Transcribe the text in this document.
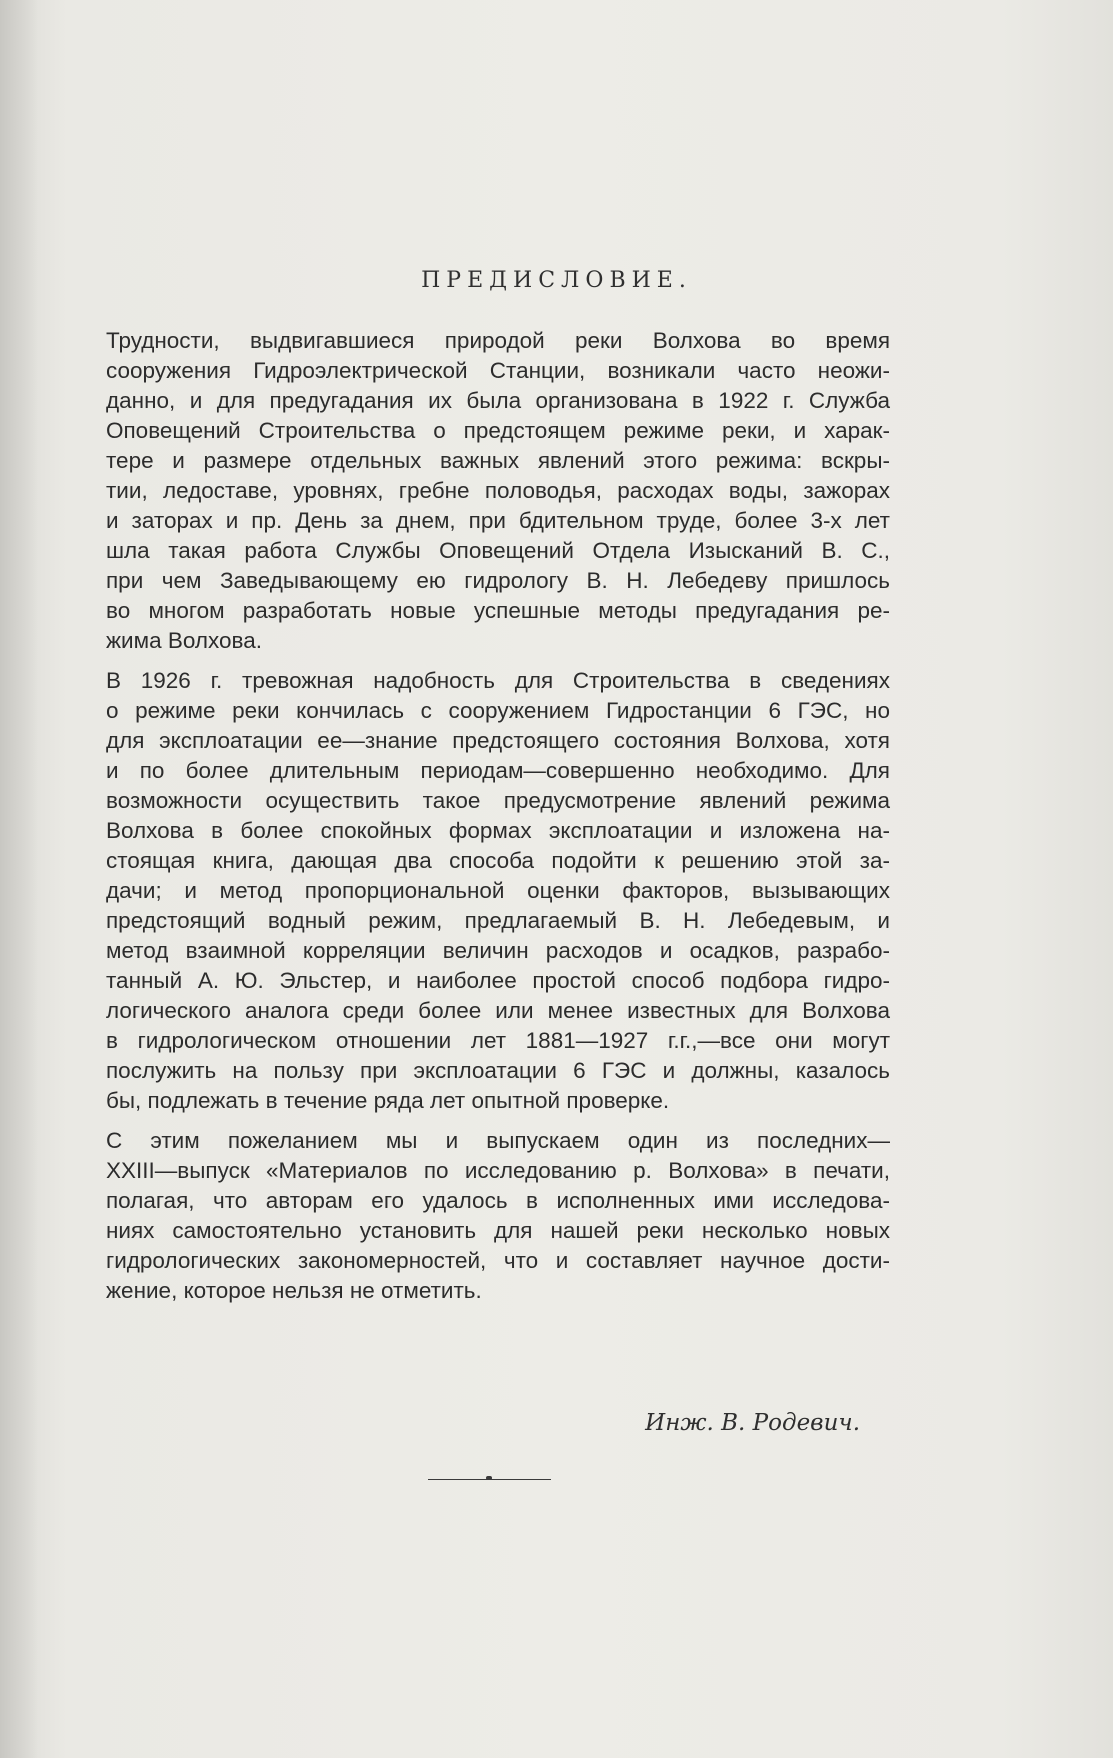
ПРЕДИСЛОВИЕ.

Трудности, выдвигавшиеся природой реки Волхова во время
сооружения Гидроэлектрической Станции, возникали часто неожи-
данно, и для предугадания их была организована в 1922 г. Служба
Оповещений Строительства о предстоящем режиме реки, и харак-
тере и размере отдельных важных явлений этого режима: вскры-
тии, ледоставе, уровнях, гребне половодья, расходах воды, зажорах
и заторах и пр. День за днем, при бдительном труде, более 3-х лет
шла такая работа Службы Оповещений Отдела Изысканий В. С.,
при чем Заведывающему ею гидрологу В. Н. Лебедеву пришлось
во многом разработать новые успешные методы предугадания ре-
жима Волхова.

В 1926 г. тревожная надобность для Строительства в сведениях
о режиме реки кончилась с сооружением Гидростанции 6 ГЭС, но
для эксплоатации ее—знание предстоящего состояния Волхова, хотя
и по более длительным периодам—совершенно необходимо. Для
возможности осуществить такое предусмотрение явлений режима
Волхова в более спокойных формах эксплоатации и изложена на-
стоящая книга, дающая два способа подойти к решению этой за-
дачи; и метод пропорциональной оценки факторов, вызывающих
предстоящий водный режим, предлагаемый В. Н. Лебедевым, и
метод взаимной корреляции величин расходов и осадков, разрабо-
танный А. Ю. Эльстер, и наиболее простой способ подбора гидро-
логического аналога среди более или менее известных для Волхова
в гидрологическом отношении лет 1881—1927 г.г.,—все они могут
послужить на пользу при эксплоатации 6 ГЭС и должны, казалось
бы, подлежать в течение ряда лет опытной проверке.

С этим пожеланием мы и выпускаем один из последних—
XXIII—выпуск «Материалов по исследованию р. Волхова» в печати,
полагая, что авторам его удалось в исполненных ими исследова-
ниях самостоятельно установить для нашей реки несколько новых
гидрологических закономерностей, что и составляет научное дости-
жение, которое нельзя не отметить.

Инж. В. Родевич.
